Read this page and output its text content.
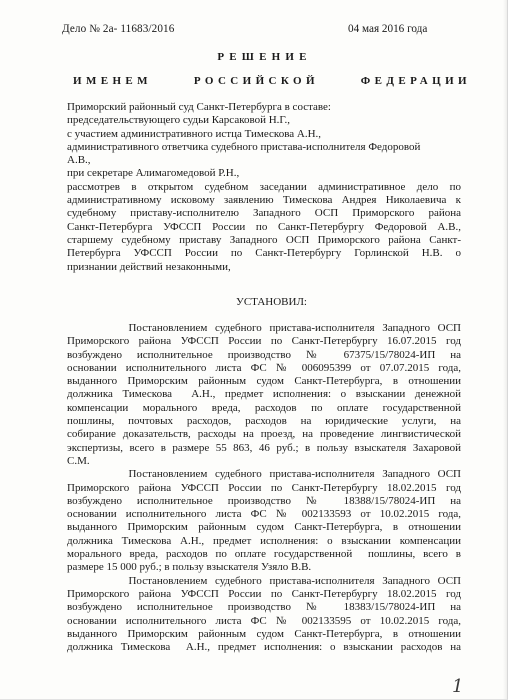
Дело № 2а- 11683/2016	04 мая 2016 года
РЕШЕНИЕ
ИМЕНЕМ	РОССИЙСКОЙ	ФЕДЕРАЦИИ
Приморский районный суд Санкт-Петербурга в составе:
председательствующего судьи Карсаковой Н.Г.,
с участием административного истца Тимескова А.Н.,
административного ответчика судебного пристава-исполнителя Федоровой
А.В.,
при секретаре Алимагомедовой Р.Н.,
рассмотрев в открытом судебном заседании административное дело по
административному исковому заявлению Тимескова Андрея Николаевича к
судебному приставу-исполнителю Западного ОСП Приморского района
Санкт-Петербурга УФССП России по Санкт-Петербургу Федоровой А.В.,
старшему судебному приставу Западного ОСП Приморского района Санкт-
Петербурга УФССП России по Санкт-Петербургу Горлинской Н.В. о
признании действий незаконными,
УСТАНОВИЛ:
Постановлением судебного пристава-исполнителя Западного ОСП
Приморского района УФССП России по Санкт-Петербургу 16.07.2015 год
возбуждено исполнительное производство № 67375/15/78024-ИП на
основании исполнительного листа ФС № 006095399 от 07.07.2015 года,
выданного Приморским районным судом Санкт-Петербурга, в отношении
должника Тимескова  А.Н., предмет исполнения: о взыскании денежной
компенсации морального вреда, расходов по оплате государственной
пошлины, почтовых расходов, расходов на юридические услуги, на
собирание доказательств, расходы на проезд, на проведение лингвистической
экспертизы, всего в размере 55 863, 46 руб.; в пользу взыскателя Захаровой
С.М.
Постановлением судебного пристава-исполнителя Западного ОСП
Приморского района УФССП России по Санкт-Петербургу 18.02.2015 год
возбуждено исполнительное производство № 18388/15/78024-ИП на
основании исполнительного листа ФС № 002133593 от 10.02.2015 года,
выданного Приморским районным судом Санкт-Петербурга, в отношении
должника Тимескова А.Н., предмет исполнения: о взыскании компенсации
морального вреда, расходов по оплате государственной  пошлины, всего в
размере 15 000 руб.; в пользу взыскателя Узяло В.В.
Постановлением судебного пристава-исполнителя Западного ОСП
Приморского района УФССП России по Санкт-Петербургу 18.02.2015 год
возбуждено исполнительное производство № 18383/15/78024-ИП на
основании исполнительного листа ФС № 002133595 от 10.02.2015 года,
выданного Приморским районным судом Санкт-Петербурга, в отношении
должника Тимескова  А.Н., предмет исполнения: о взыскании расходов на
1
